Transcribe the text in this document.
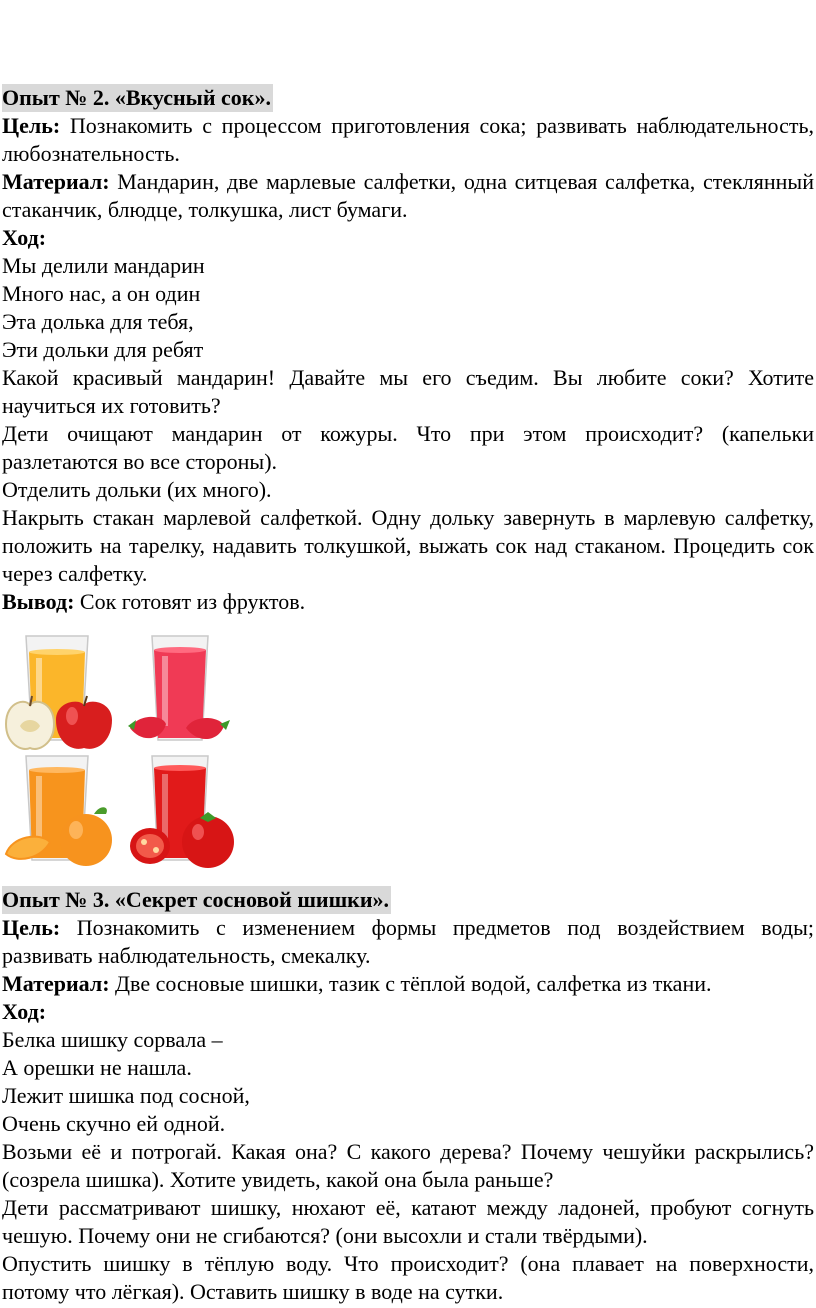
Опыт № 2. «Вкусный сок».

Цель: Познакомить с процессом приготовления сока; развивать наблюдательность, любознательность.

Материал: Мандарин, две марлевые салфетки, одна ситцевая салфетка, стеклянный стаканчик, блюдце, толкушка, лист бумаги.

Ход:

Мы делили мандарин

Много нас, а он один

Эта долька для тебя,

Эти дольки для ребят

Какой красивый мандарин! Давайте мы его съедим. Вы любите соки? Хотите научиться их готовить?

Дети очищают мандарин от кожуры. Что при этом происходит? (капельки разлетаются во все стороны).

Отделить дольки (их много).

Накрыть стакан марлевой салфеткой. Одну дольку завернуть в марлевую салфетку, положить на тарелку, надавить толкушкой, выжать сок над стаканом. Процедить сок через салфетку.

Вывод: Сок готовят из фруктов.

Опыт № 3. «Секрет сосновой шишки».

Цель: Познакомить с изменением формы предметов под воздействием воды; развивать наблюдательность, смекалку.

Материал: Две сосновые шишки, тазик с тёплой водой, салфетка из ткани.

Ход:

Белка шишку сорвала –

А орешки не нашла.

Лежит шишка под сосной,

Очень скучно ей одной.

Возьми её и потрогай. Какая она? С какого дерева? Почему чешуйки раскрылись? (созрела шишка). Хотите увидеть, какой она была раньше?

Дети рассматривают шишку, нюхают её, катают между ладоней, пробуют согнуть чешую. Почему они не сгибаются? (они высохли и стали твёрдыми).

Опустить шишку в тёплую воду. Что происходит? (она плавает на поверхности, потому что лёгкая). Оставить шишку в воде на сутки.
